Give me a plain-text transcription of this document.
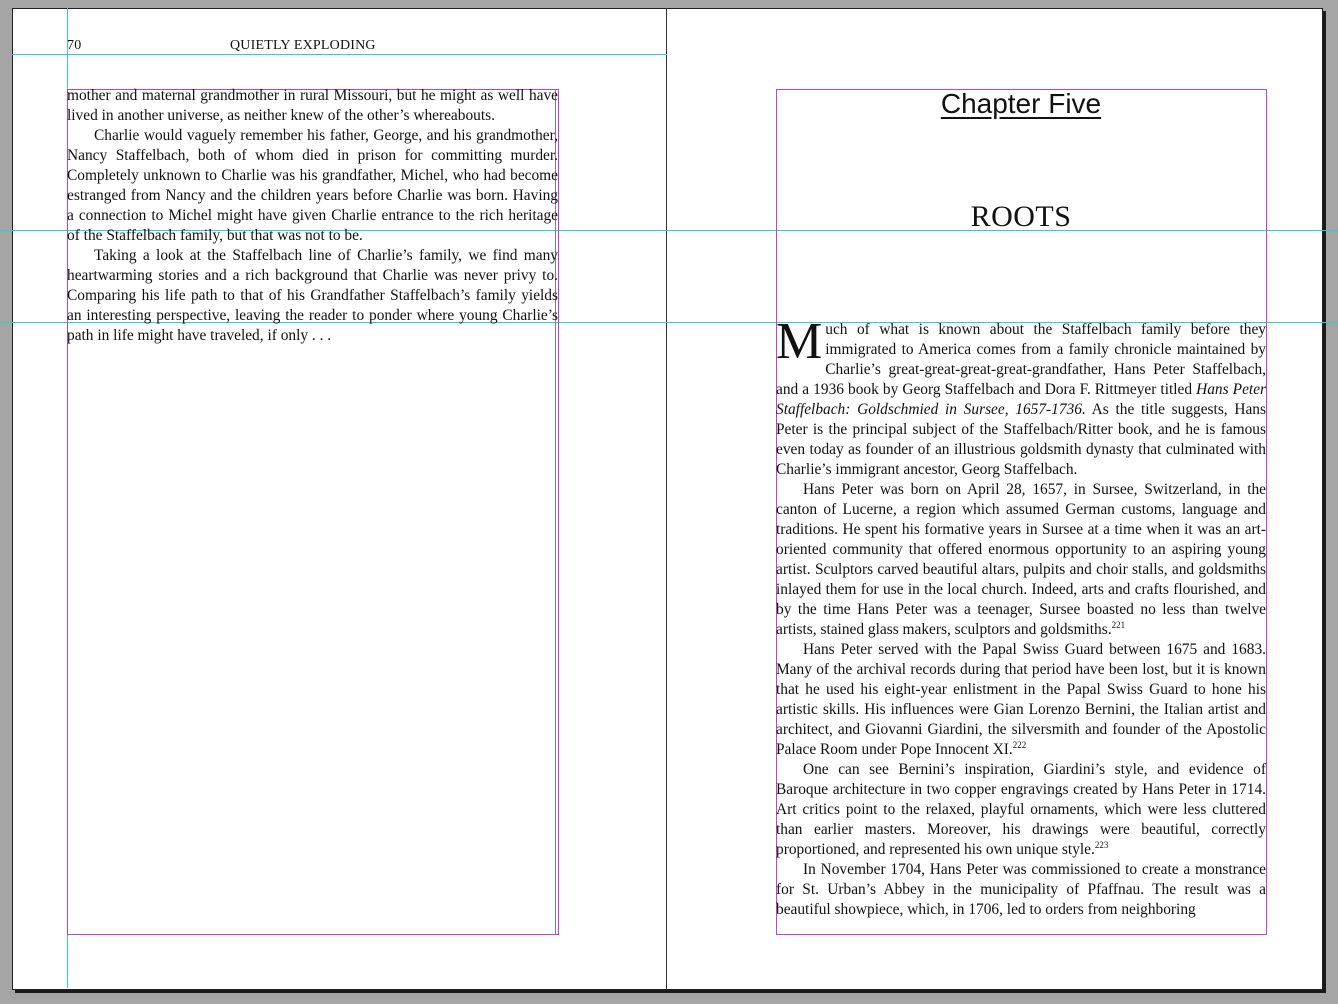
70	QUIETLY EXPLODING

mother and maternal grandmother in rural Missouri, but he might as well have lived in another universe, as neither knew of the other’s whereabouts.

Charlie would vaguely remember his father, George, and his grandmother, Nancy Staffelbach, both of whom died in prison for committing murder. Completely unknown to Charlie was his grandfather, Michel, who had become estranged from Nancy and the children years before Charlie was born. Having a connection to Michel might have given Charlie entrance to the rich heritage of the Staffelbach family, but that was not to be.

Taking a look at the Staffelbach line of Charlie’s family, we find many heartwarming stories and a rich background that Charlie was never privy to. Comparing his life path to that of his Grandfather Staffelbach’s family yields an interesting perspective, leaving the reader to ponder where young Charlie’s path in life might have traveled, if only . . .

Chapter Five
ROOTS

Much of what is known about the Staffelbach family before they immigrated to America comes from a family chronicle maintained by Charlie’s great-great-great-great-grandfather, Hans Peter Staffelbach, and a 1936 book by Georg Staffelbach and Dora F. Rittmeyer titled Hans Peter Staffelbach: Goldschmied in Sursee, 1657-1736. As the title suggests, Hans Peter is the principal subject of the Staffelbach/Ritter book, and he is famous even today as founder of an illustrious goldsmith dynasty that culminated with Charlie’s immigrant ancestor, Georg Staffelbach.

Hans Peter was born on April 28, 1657, in Sursee, Switzerland, in the canton of Lucerne, a region which assumed German customs, language and traditions. He spent his formative years in Sursee at a time when it was an art-oriented community that offered enormous opportunity to an aspiring young artist. Sculptors carved beautiful altars, pulpits and choir stalls, and goldsmiths inlayed them for use in the local church. Indeed, arts and crafts flourished, and by the time Hans Peter was a teenager, Sursee boasted no less than twelve artists, stained glass makers, sculptors and goldsmiths.$^{221}$

Hans Peter served with the Papal Swiss Guard between 1675 and 1683. Many of the archival records during that period have been lost, but it is known that he used his eight-year enlistment in the Papal Swiss Guard to hone his artistic skills. His influences were Gian Lorenzo Bernini, the Italian artist and architect, and Giovanni Giardini, the silversmith and founder of the Apostolic Palace Room under Pope Innocent XI.$^{222}$

One can see Bernini’s inspiration, Giardini’s style, and evidence of Baroque architecture in two copper engravings created by Hans Peter in 1714. Art critics point to the relaxed, playful ornaments, which were less cluttered than earlier masters. Moreover, his drawings were beautiful, correctly proportioned, and represented his own unique style.$^{223}$

In November 1704, Hans Peter was commissioned to create a monstrance for St. Urban’s Abbey in the municipality of Pfaffnau. The result was a beautiful showpiece, which, in 1706, led to orders from neighboring
